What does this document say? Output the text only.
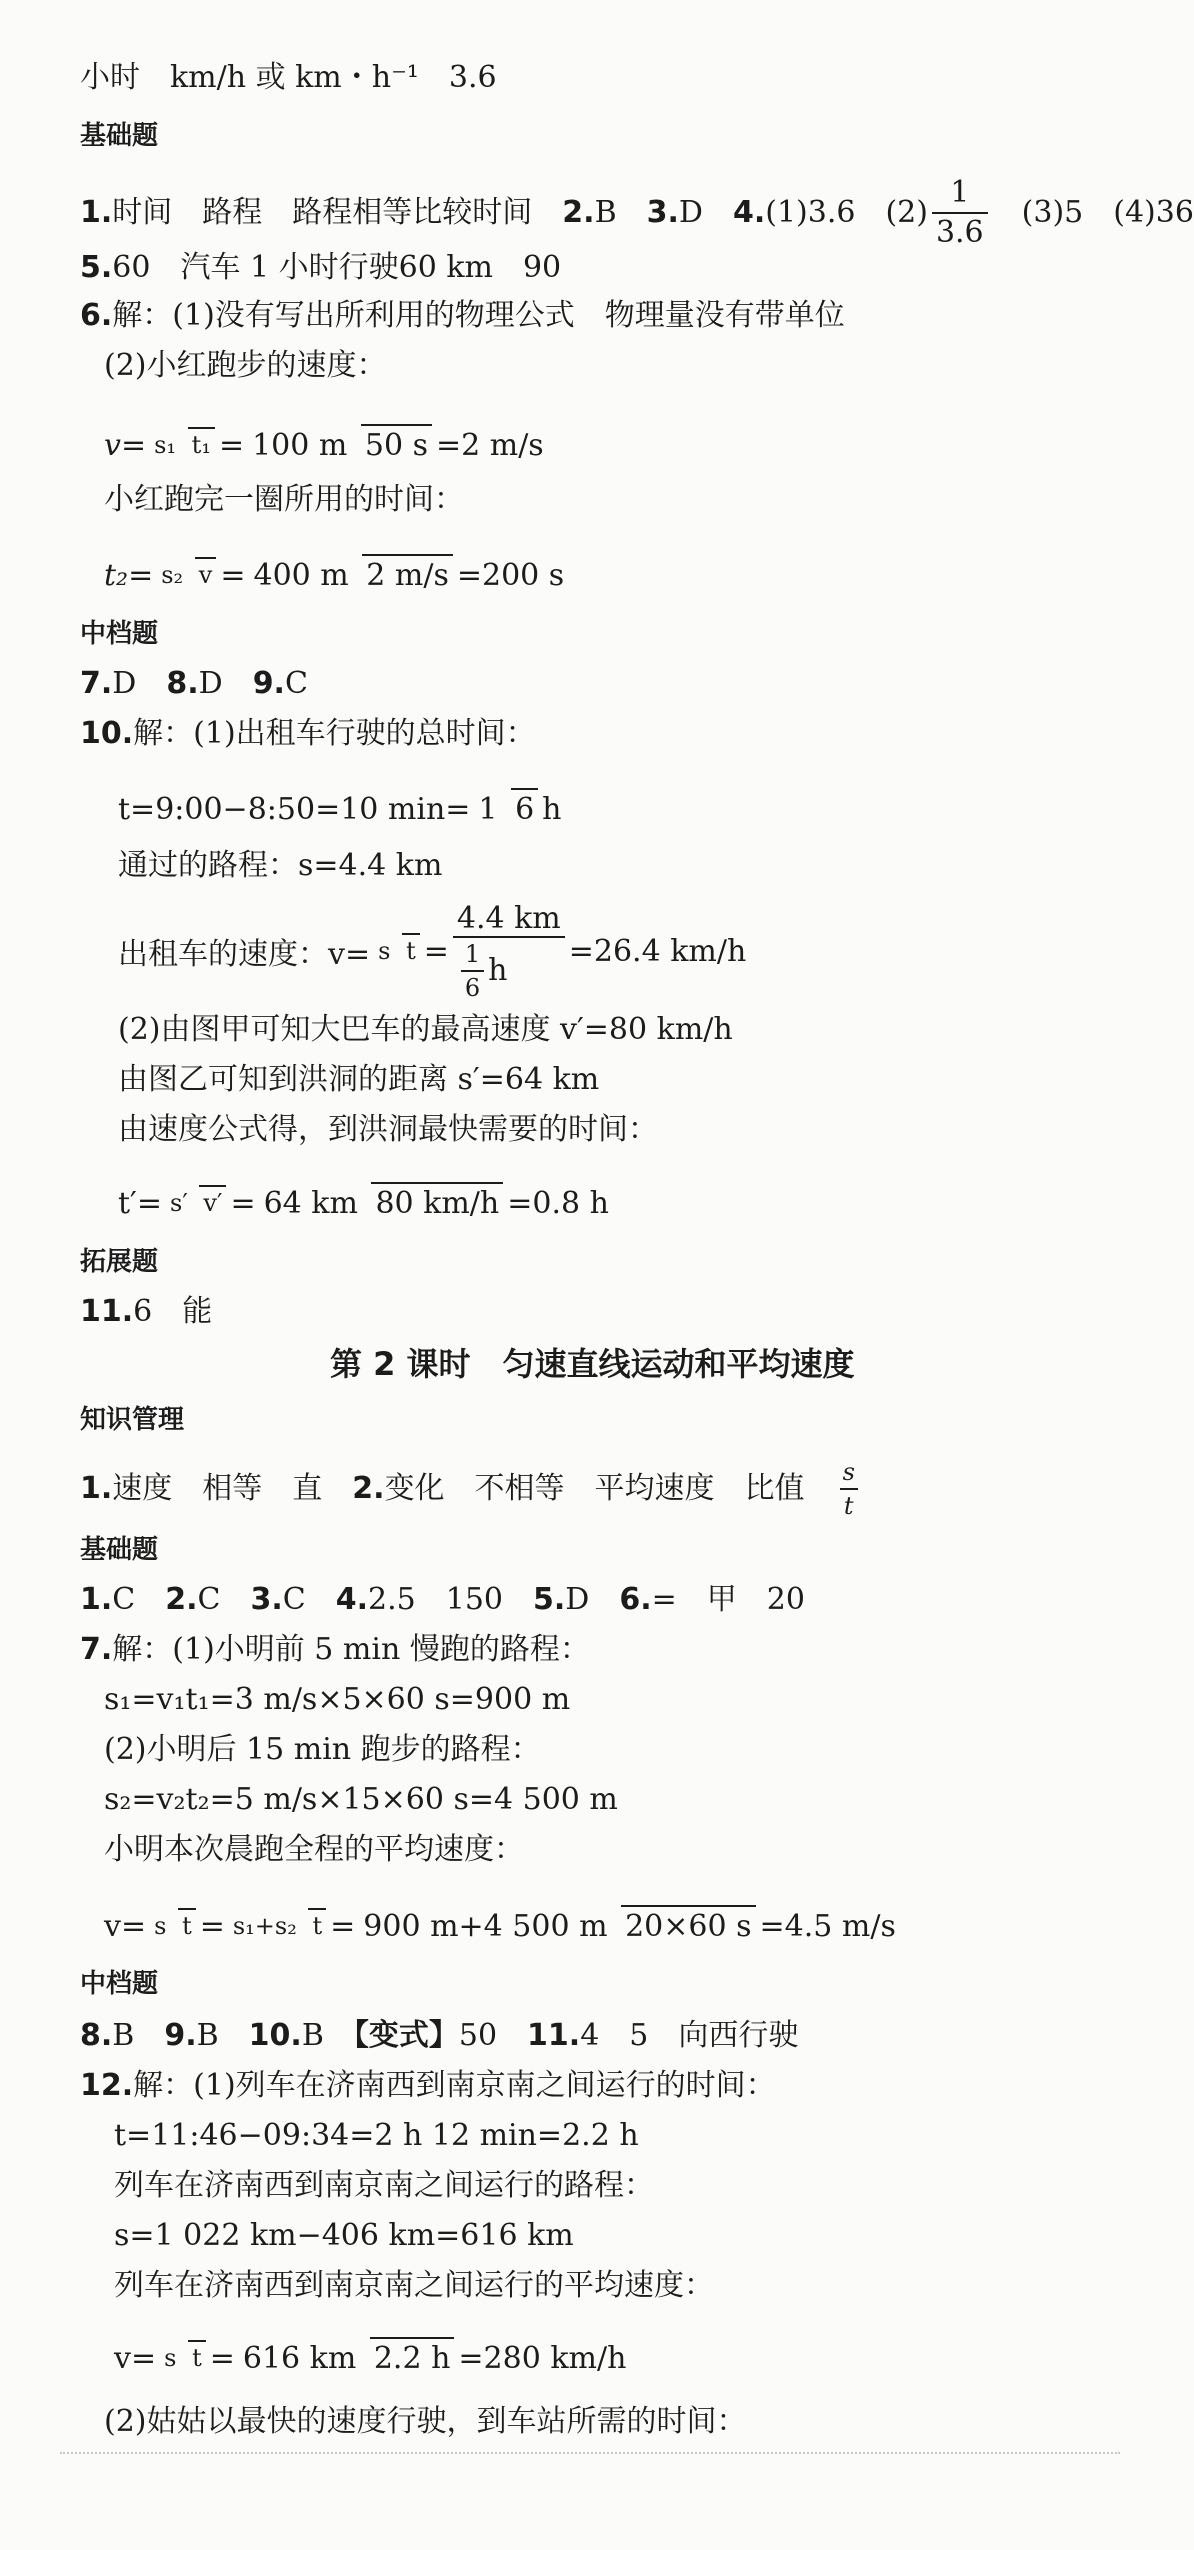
小时　km/h 或 km・h⁻¹　3.6
基础题
1. 时间　路程　路程相等比较时间　 2. B　 3. D　 4. (1)3.6　$(2) \frac{1}{3.6}$ 　(3)5　(4)36
5.60　汽车 1 小时行驶60 km　90
6.解：(1)没有写出所利用的物理公式　物理量没有带单位
(2)小红跑步的速度：
v= s₁ t₁ = 100 m 50 s =2 m/s
小红跑完一圈所用的时间：
t₂= s₂ v = 400 m 2 m/s =200 s
中档题
7.D　8.D　9.C
10.解：(1)出租车行驶的总时间：
t=9:00−8:50=10 min= 1 6 h
通过的路程：s=4.4 km
出租车的速度：v= s $t = \frac{4.4 km}{\frac{1}{6} h} =26.4$ km/h
(2)由图甲可知大巴车的最高速度 v′=80 km/h
由图乙可知到洪洞的距离 s′=64 km
由速度公式得，到洪洞最快需要的时间：
t′= s′ v′ = 64 km 80 km/h =0.8 h
拓展题
11.6　能
第 2 课时　匀速直线运动和平均速度
知识管理
1. 速度　相等　直　 2. 变化　不相等　平均速度　比值　 $\frac{s}{t}$
基础题
1.C　2.C　3.C　4.2.5　150　5.D　6.=　甲　20
7.解：(1)小明前 5 min 慢跑的路程：
s₁=v₁t₁=3 m/s×5×60 s=900 m
(2)小明后 15 min 跑步的路程：
s₂=v₂t₂=5 m/s×15×60 s=4 500 m
小明本次晨跑全程的平均速度：
v= s t = s₁+s₂ t = 900 m+4 500 m 20×60 s =4.5 m/s
中档题
8.B　9.B　10.B　【变式】50　11.4　5　向西行驶
12.解：(1)列车在济南西到南京南之间运行的时间：
t=11:46−09:34=2 h 12 min=2.2 h
列车在济南西到南京南之间运行的路程：
s=1 022 km−406 km=616 km
列车在济南西到南京南之间运行的平均速度：
v= s t = 616 km 2.2 h =280 km/h
(2)姑姑以最快的速度行驶，到车站所需的时间：
